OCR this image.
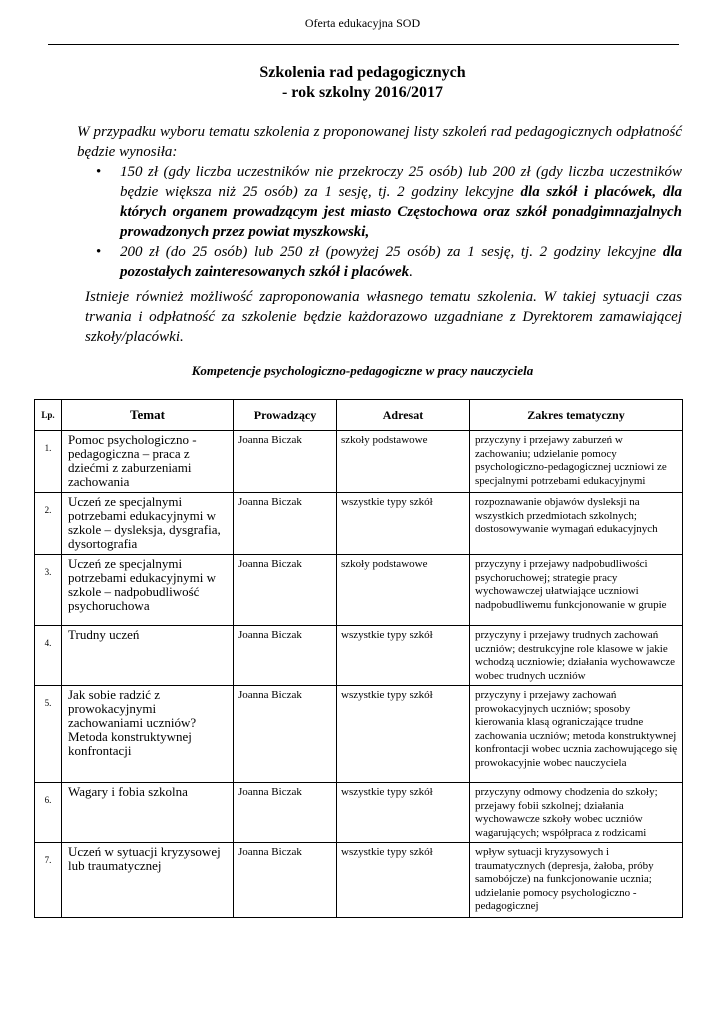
Oferta edukacyjna SOD
Szkolenia rad pedagogicznych
- rok szkolny 2016/2017

W przypadku wyboru tematu szkolenia z proponowanej listy szkoleń rad pedagogicznych odpłatność będzie wynosiła:

• 150 zł (gdy liczba uczestników nie przekroczy 25 osób) lub 200 zł (gdy liczba uczestników będzie większa niż 25 osób) za 1 sesję, tj. 2 godziny lekcyjne dla szkół i placówek, dla których organem prowadzącym jest miasto Częstochowa oraz szkół ponadgimnazjalnych prowadzonych przez powiat myszkowski,
• 200 zł (do 25 osób) lub 250 zł (powyżej 25 osób) za 1 sesję, tj. 2 godziny lekcyjne dla pozostałych zainteresowanych szkół i placówek.

Istnieje również możliwość zaproponowania własnego tematu szkolenia. W takiej sytuacji czas trwania i odpłatność za szkolenie będzie każdorazowo uzgadniane z Dyrektorem zamawiającej szkoły/placówki.

Kompetencje psychologiczno-pedagogiczne w pracy nauczyciela
Lp.	Temat	Prowadzący	Adresat	Zakres tematyczny
1.	Pomoc psychologiczno -pedagogiczna – praca z dziećmi z zaburzeniami zachowania	Joanna Biczak	szkoły podstawowe	przyczyny i przejawy zaburzeń w zachowaniu; udzielanie pomocy psychologiczno-pedagogicznej uczniowi ze specjalnymi potrzebami edukacyjnymi
2.	Uczeń ze specjalnymi potrzebami edukacyjnymi w szkole – dysleksja, dysgrafia, dysortografia	Joanna Biczak	wszystkie typy szkół	rozpoznawanie objawów dysleksji na wszystkich przedmiotach szkolnych; dostosowywanie wymagań edukacyjnych
3.	Uczeń ze specjalnymi potrzebami edukacyjnymi w szkole – nadpobudliwość psychoruchowa	Joanna Biczak	szkoły podstawowe	przyczyny i przejawy nadpobudliwości psychoruchowej; strategie pracy wychowawczej ułatwiające uczniowi nadpobudliwemu funkcjonowanie w grupie
4.	Trudny uczeń	Joanna Biczak	wszystkie typy szkół	przyczyny i przejawy trudnych zachowań uczniów; destrukcyjne role klasowe w jakie wchodzą uczniowie; działania wychowawcze wobec trudnych uczniów
5.	Jak sobie radzić z prowokacyjnymi zachowaniami uczniów? Metoda konstruktywnej konfrontacji	Joanna Biczak	wszystkie typy szkół	przyczyny i przejawy zachowań prowokacyjnych uczniów; sposoby kierowania klasą ograniczające trudne zachowania uczniów; metoda konstruktywnej konfrontacji wobec ucznia zachowującego się prowokacyjnie wobec nauczyciela
6.	Wagary i fobia szkolna	Joanna Biczak	wszystkie typy szkół	przyczyny odmowy chodzenia do szkoły; przejawy fobii szkolnej; działania wychowawcze szkoły wobec uczniów wagarujących; współpraca z rodzicami
7.	Uczeń w sytuacji kryzysowej lub traumatycznej	Joanna Biczak	wszystkie typy szkół	wpływ sytuacji kryzysowych i traumatycznych (depresja, żałoba, próby samobójcze) na funkcjonowanie ucznia; udzielanie pomocy psychologiczno -pedagogicznej
